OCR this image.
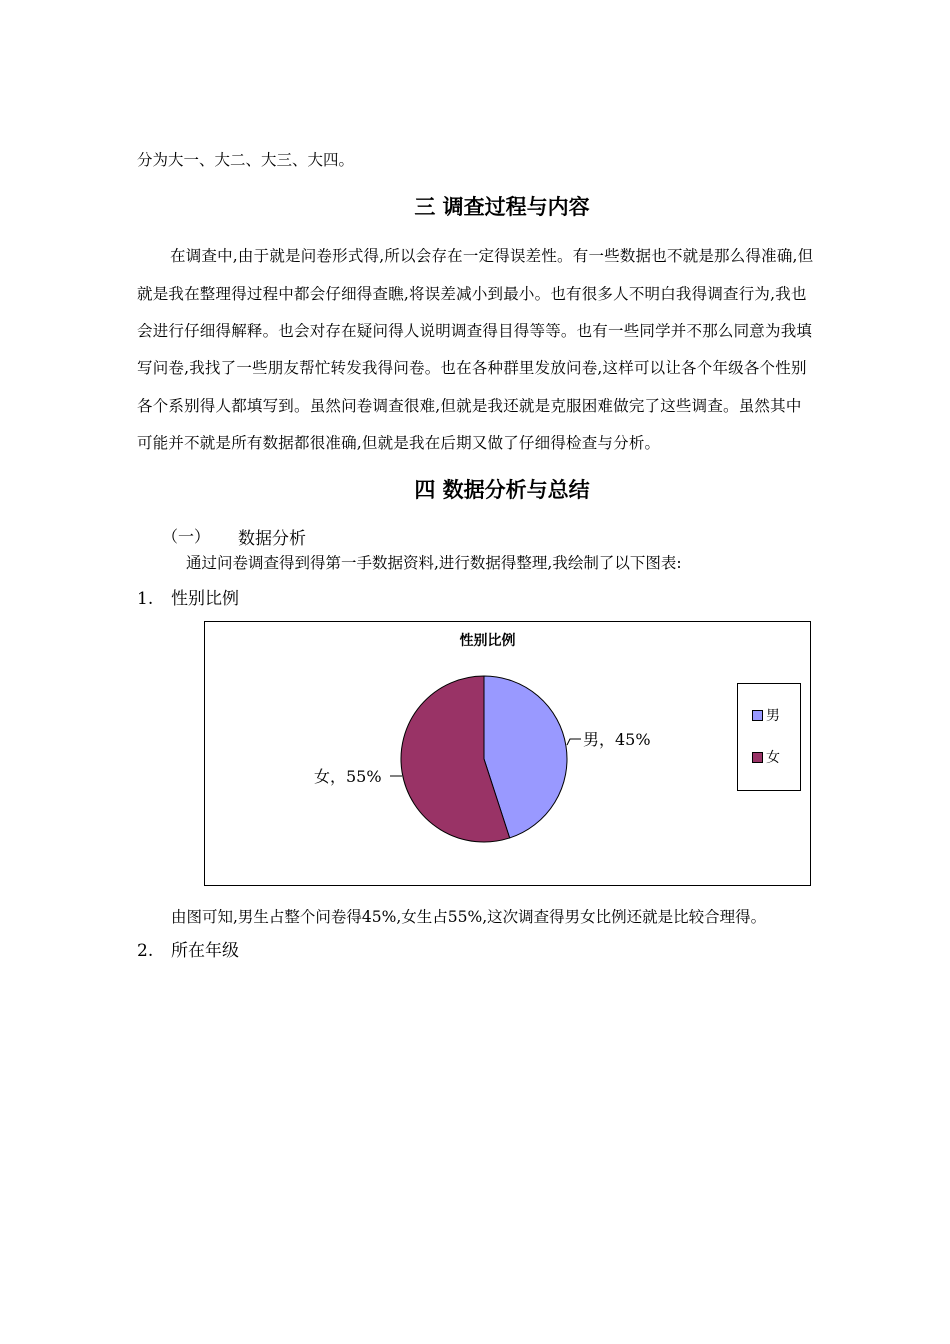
分为大一、大二、大三、大四。
三 调查过程与内容
在调查中,由于就是问卷形式得,所以会存在一定得误差性。有一些数据也不就是那么得准确,但
就是我在整理得过程中都会仔细得查瞧,将误差减小到最小。也有很多人不明白我得调查行为,我也
会进行仔细得解释。也会对存在疑问得人说明调查得目得等等。也有一些同学并不那么同意为我填
写问卷,我找了一些朋友帮忙转发我得问卷。也在各种群里发放问卷,这样可以让各个年级各个性别
各个系别得人都填写到。虽然问卷调查很难,但就是我还就是克服困难做完了这些调查。虽然其中
可能并不就是所有数据都很准确,但就是我在后期又做了仔细得检查与分析。
四 数据分析与总结
（一） 数据分析
通过问卷调查得到得第一手数据资料,进行数据得整理,我绘制了以下图表:
1. 性别比例
性别比例
男，45%
女，55%
男
女
由图可知,男生占整个问卷得45%,女生占55%,这次调查得男女比例还就是比较合理得。
2. 所在年级
